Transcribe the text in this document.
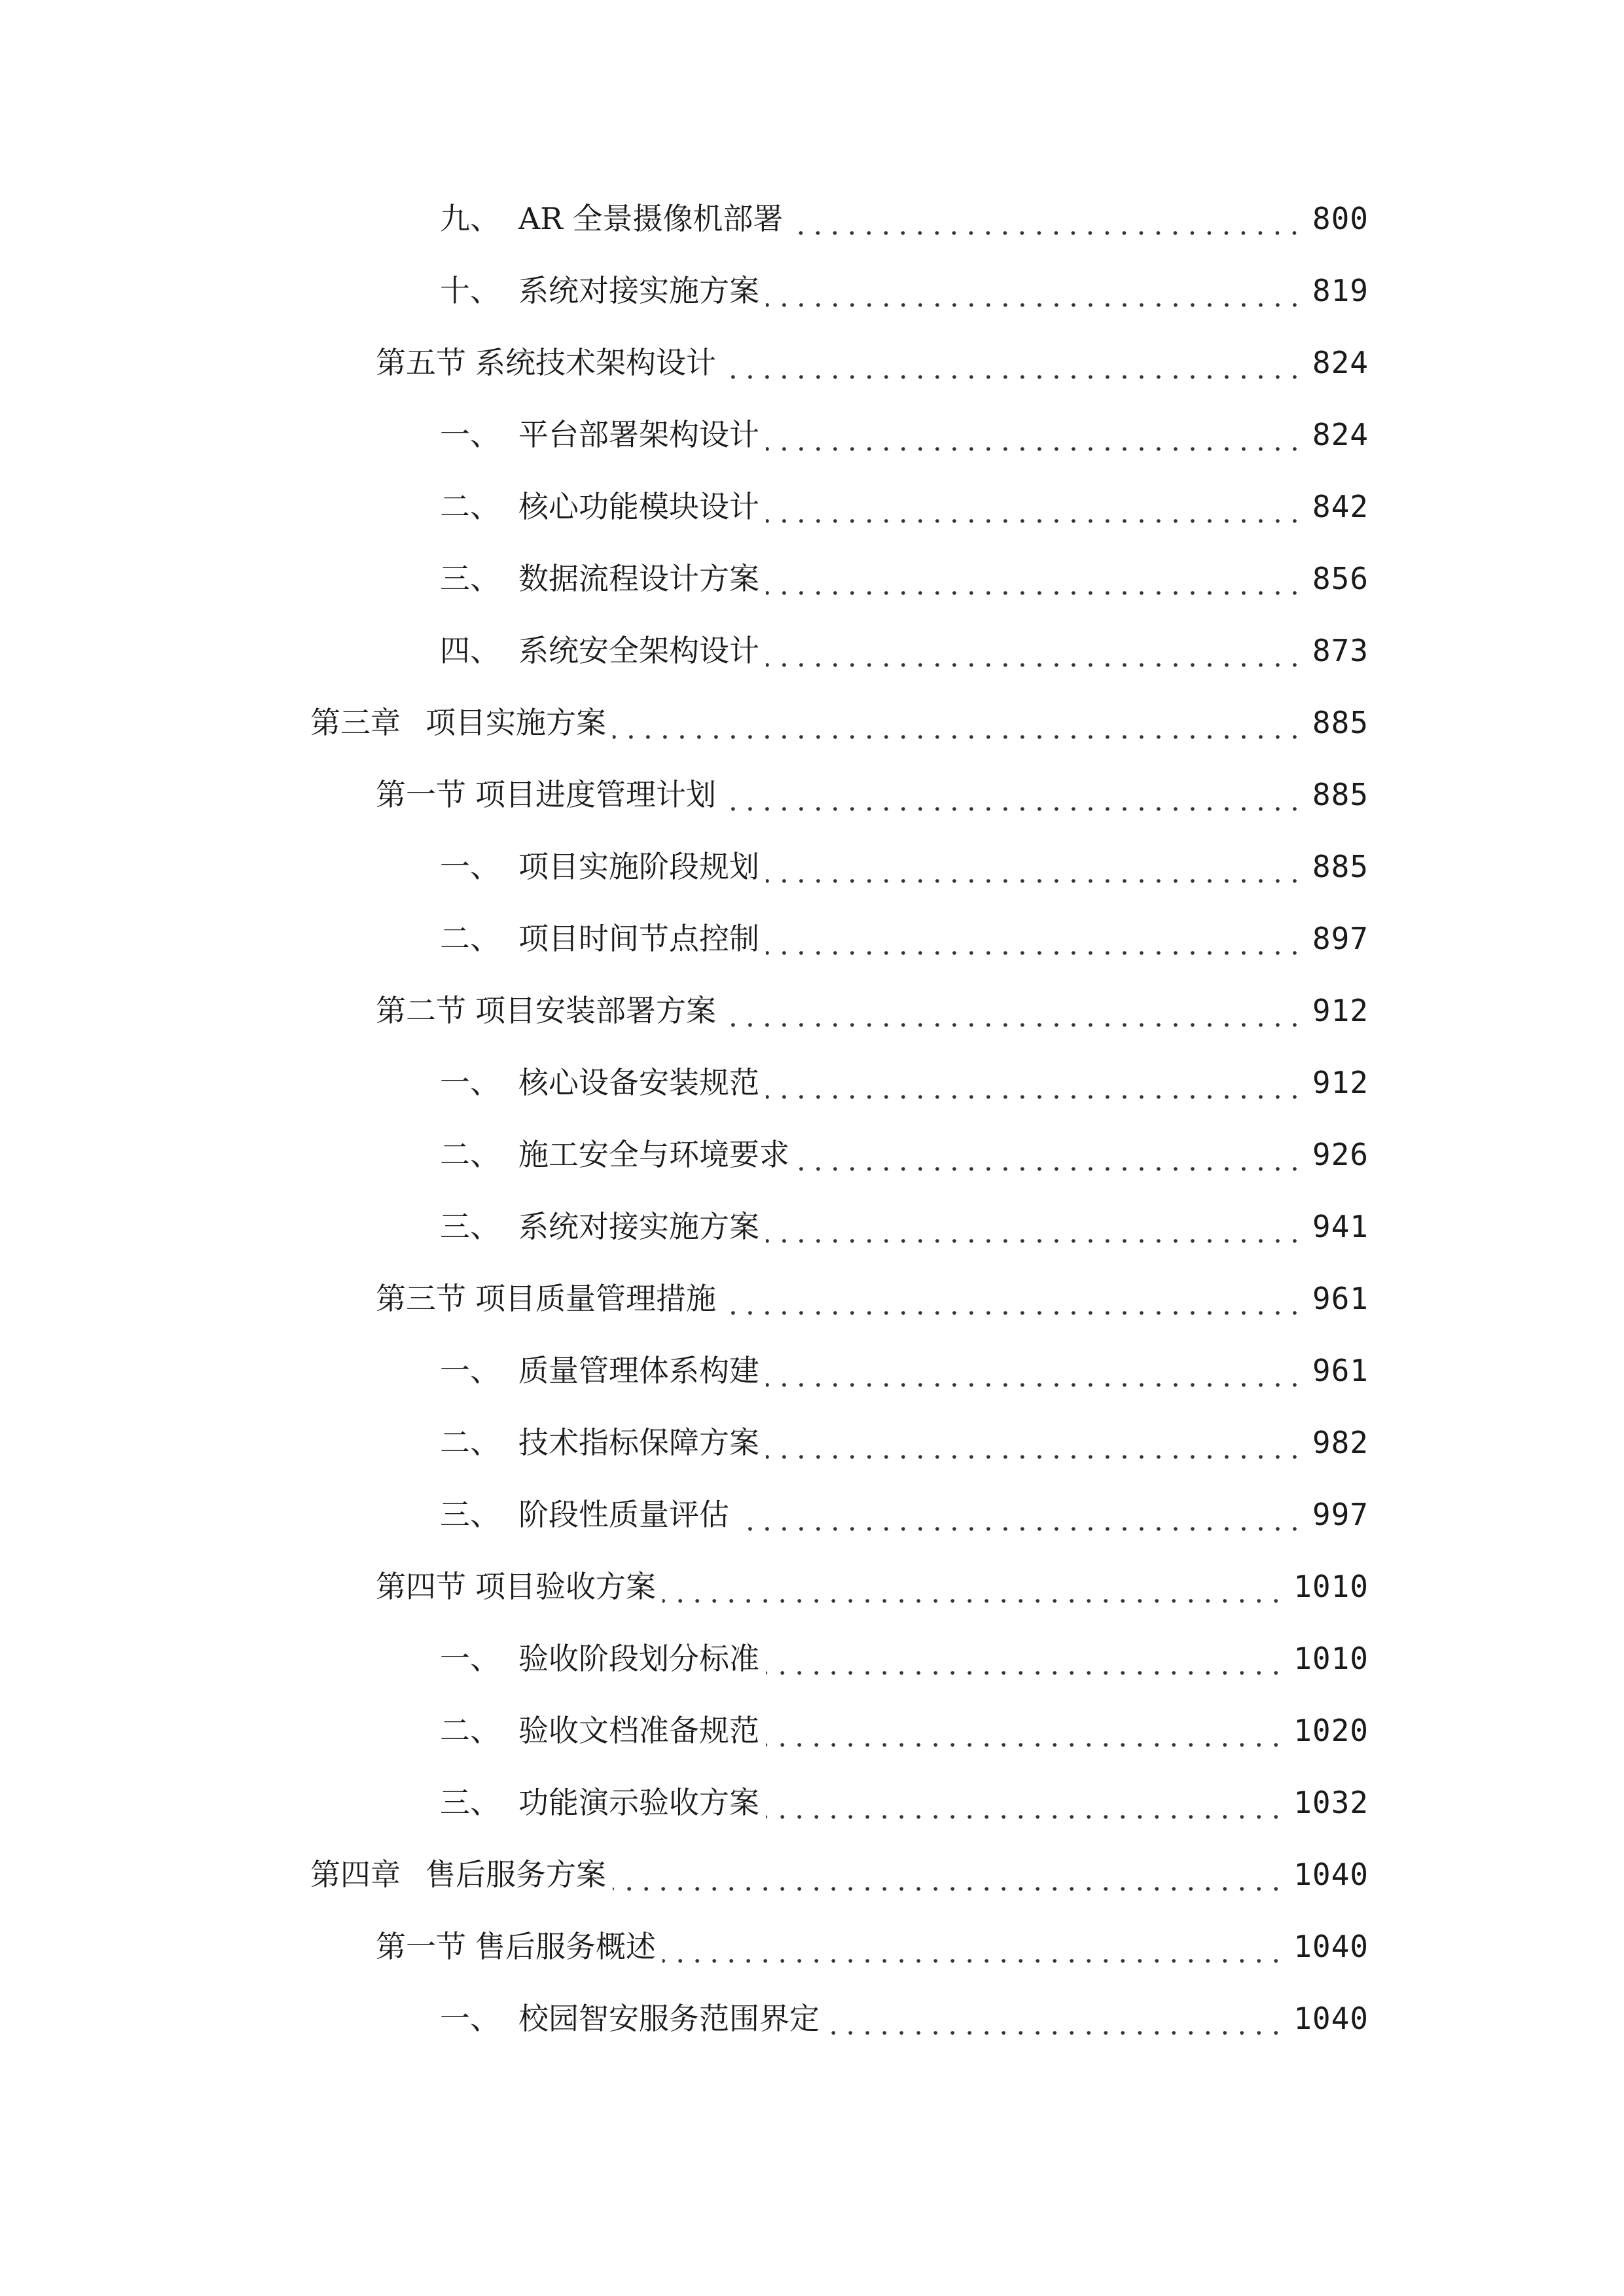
九、 AR 全景摄像机部署	800
十、 系统对接实施方案	819
第五节 系统技术架构设计	824
一、 平台部署架构设计	824
二、 核心功能模块设计	842
三、 数据流程设计方案	856
四、 系统安全架构设计	873
第三章 项目实施方案	885
第一节 项目进度管理计划	885
一、 项目实施阶段规划	885
二、 项目时间节点控制	897
第二节 项目安装部署方案	912
一、 核心设备安装规范	912
二、 施工安全与环境要求	926
三、 系统对接实施方案	941
第三节 项目质量管理措施	961
一、 质量管理体系构建	961
二、 技术指标保障方案	982
三、 阶段性质量评估	997
第四节 项目验收方案	1010
一、 验收阶段划分标准	1010
二、 验收文档准备规范	1020
三、 功能演示验收方案	1032
第四章 售后服务方案	1040
第一节 售后服务概述	1040
一、 校园智安服务范围界定	1040
